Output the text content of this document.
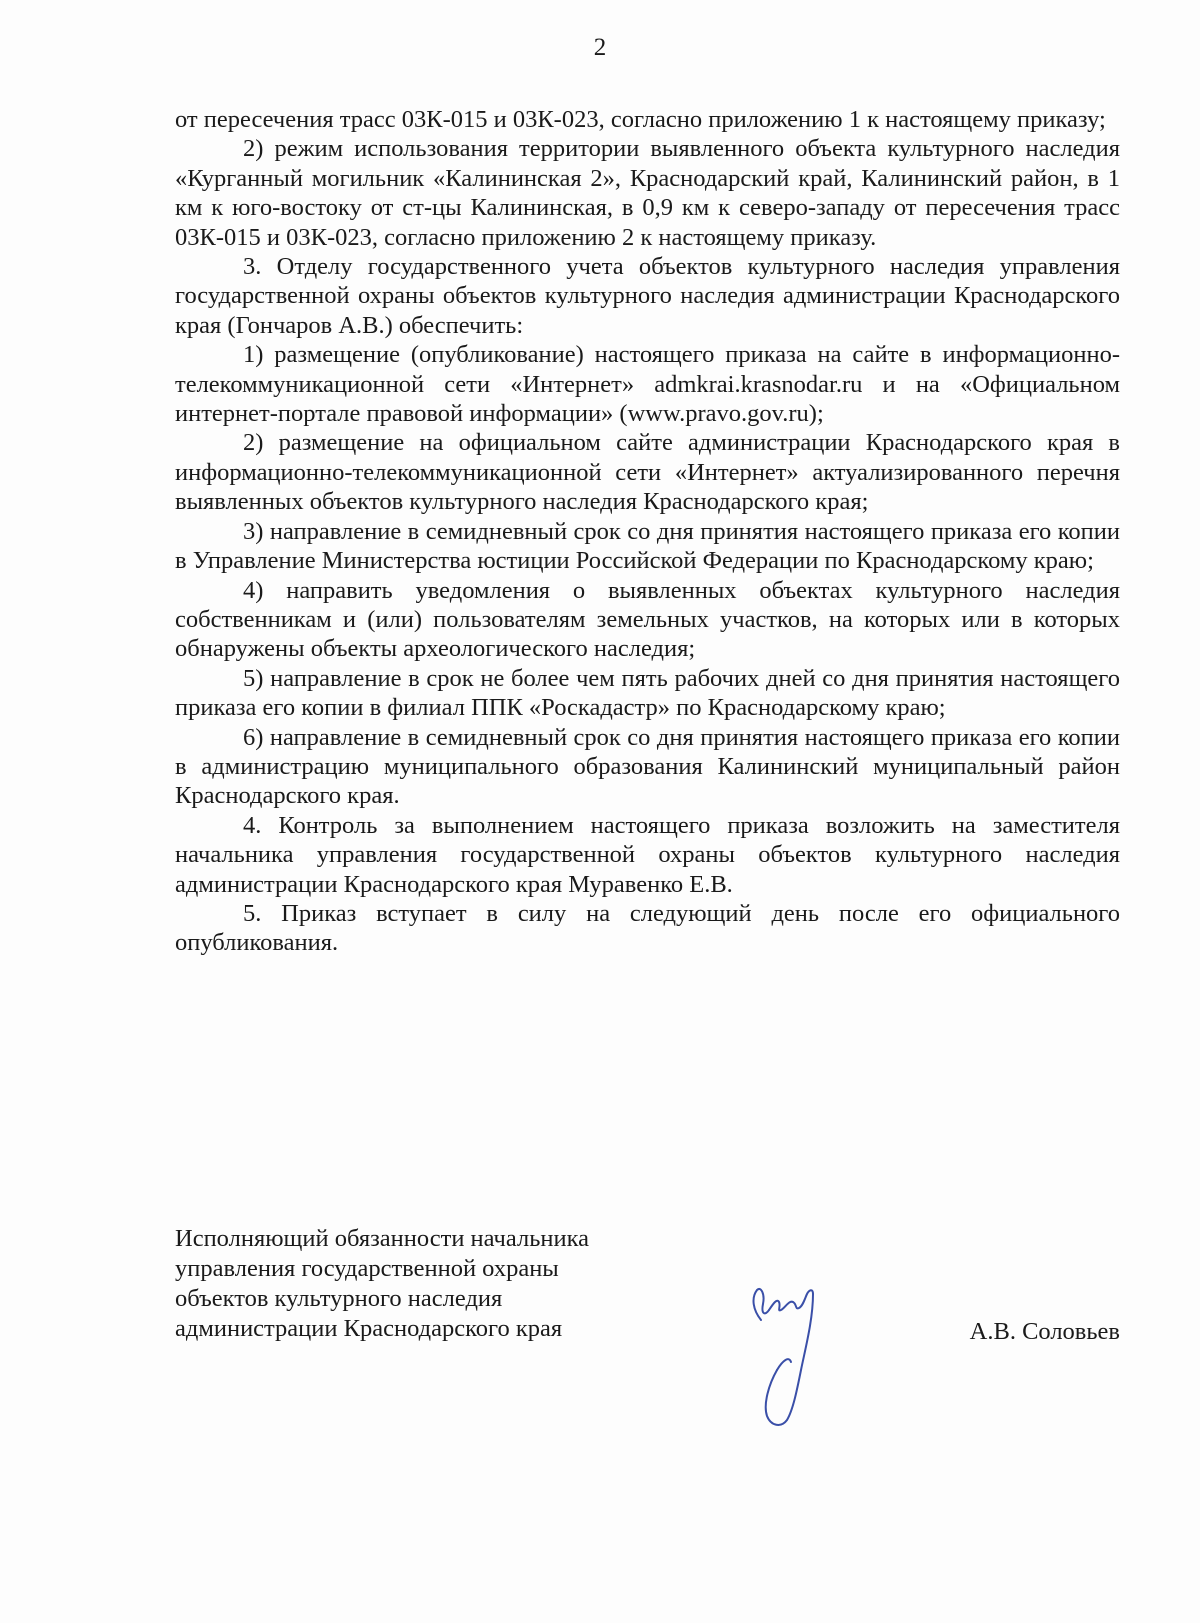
2

от пересечения трасс 03К-015 и 03К-023, согласно приложению 1 к настоящему приказу;

2) режим использования территории выявленного объекта культурного наследия «Курганный могильник «Калининская 2», Краснодарский край, Калининский район, в 1 км к юго-востоку от ст-цы Калининская, в 0,9 км к северо-западу от пересечения трасс 03К-015 и 03К-023, согласно приложению 2 к настоящему приказу.

3. Отделу государственного учета объектов культурного наследия управления государственной охраны объектов культурного наследия администрации Краснодарского края (Гончаров А.В.) обеспечить:

1) размещение (опубликование) настоящего приказа на сайте в информационно-телекоммуникационной сети «Интернет» admkrai.krasnodar.ru и на «Официальном интернет-портале правовой информации» (www.pravo.gov.ru);

2) размещение на официальном сайте администрации Краснодарского края в информационно-телекоммуникационной сети «Интернет» актуализированного перечня выявленных объектов культурного наследия Краснодарского края;

3) направление в семидневный срок со дня принятия настоящего приказа его копии в Управление Министерства юстиции Российской Федерации по Краснодарскому краю;

4) направить уведомления о выявленных объектах культурного наследия собственникам и (или) пользователям земельных участков, на которых или в которых обнаружены объекты археологического наследия;

5) направление в срок не более чем пять рабочих дней со дня принятия настоящего приказа его копии в филиал ППК «Роскадастр» по Краснодарскому краю;

6) направление в семидневный срок со дня принятия настоящего приказа его копии в администрацию муниципального образования Калининский муниципальный район Краснодарского края.

4. Контроль за выполнением настоящего приказа возложить на заместителя начальника управления государственной охраны объектов культурного наследия администрации Краснодарского края Муравенко Е.В.

5. Приказ вступает в силу на следующий день после его официального опубликования.

Исполняющий обязанности начальника
управления государственной охраны
объектов культурного наследия
администрации Краснодарского края	А.В. Соловьев
